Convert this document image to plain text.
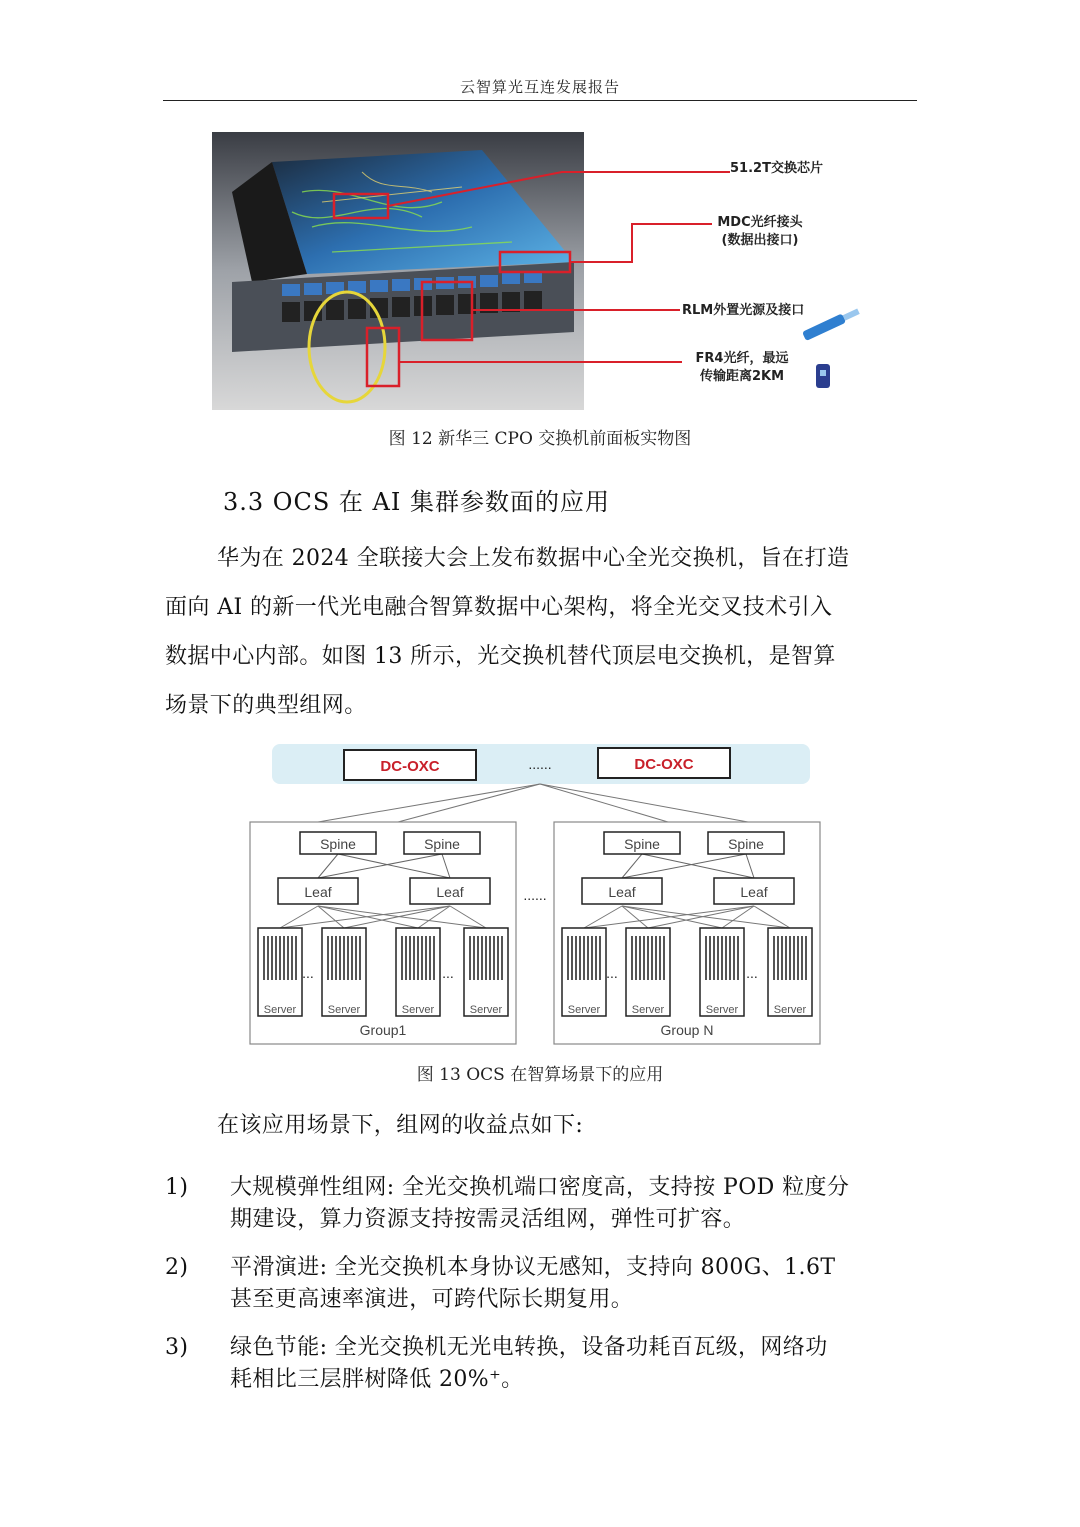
云智算光互连发展报告
51.2T交换芯片
MDC光纤接头
(数据出接口)
RLM外置光源及接口
FR4光纤，最远
传输距离2KM
图 12 新华三 CPO 交换机前面板实物图
3.3 OCS 在 AI 集群参数面的应用
华为在 2024 全联接大会上发布数据中心全光交换机，旨在打造
面向 AI 的新一代光电融合智算数据中心架构，将全光交叉技术引入
数据中心内部。如图 13 所示，光交换机替代顶层电交换机，是智算
场景下的典型组网。
DC-OXC	DC-OXC
......
......
Spine	Spine
Leaf	Leaf
Server	Server	Server	Server
...	...
Group1
Spine	Spine
Leaf	Leaf
Server	Server	Server	Server
...	...
Group N
图 13 OCS 在智算场景下的应用
在该应用场景下，组网的收益点如下:
1) 大规模弹性组网: 全光交换机端口密度高，支持按 POD 粒度分
期建设，算力资源支持按需灵活组网，弹性可扩容。
2) 平滑演进: 全光交换机本身协议无感知，支持向 800G、1.6T
甚至更高速率演进，可跨代际长期复用。
3) 绿色节能: 全光交换机无光电转换，设备功耗百瓦级，网络功
耗相比三层胖树降低 20%⁺。
